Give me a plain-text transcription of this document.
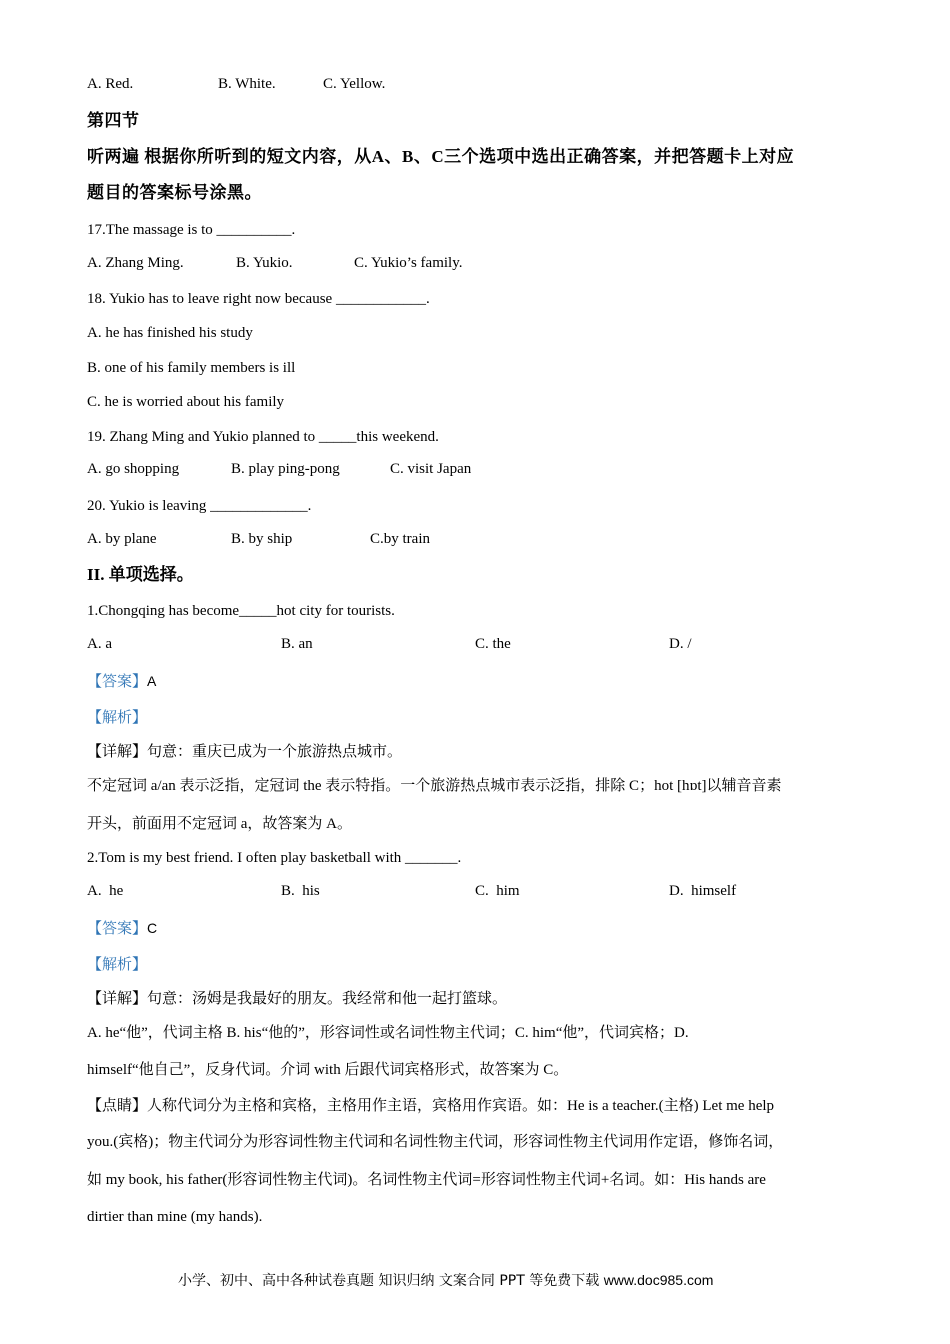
A. Red.	B. White.	C. Yellow.
第四节
听两遍 根据你所听到的短文内容，从A、B、C三个选项中选出正确答案，并把答题卡上对应
题目的答案标号涂黑。
17.The massage is to __________.
A. Zhang Ming.	B. Yukio.	C. Yukio’s family.
18. Yukio has to leave right now because ____________.
A. he has finished his study
B. one of his family members is ill
C. he is worried about his family
19. Zhang Ming and Yukio planned to _____this weekend.
A. go shopping	B. play ping-pong	C. visit Japan
20. Yukio is leaving _____________.
A. by plane	B. by ship	C.by train
II. 单项选择。
1.Chongqing has become_____hot city for tourists.
A. a	B. an	C. the	D. /
【答案】A
【解析】
【详解】句意：重庆已成为一个旅游热点城市。
不定冠词 a/an 表示泛指，定冠词 the 表示特指。一个旅游热点城市表示泛指，排除 C；hot [hɒt]以辅音音素
开头，前面用不定冠词 a，故答案为 A。
2.Tom is my best friend. I often play basketball with _______.
A. he	B. his	C. him	D. himself
【答案】C
【解析】
【详解】句意：汤姆是我最好的朋友。我经常和他一起打篮球。
A. he“他”，代词主格 B. his“他的”，形容词性或名词性物主代词；C. him“他”，代词宾格；D.
himself“他自己”，反身代词。介词 with 后跟代词宾格形式，故答案为 C。
【点睛】人称代词分为主格和宾格，主格用作主语，宾格用作宾语。如：He is a teacher.(主格) Let me help
you.(宾格)；物主代词分为形容词性物主代词和名词性物主代词，形容词性物主代词用作定语，修饰名词，
如 my book, his father(形容词性物主代词)。名词性物主代词=形容词性物主代词+名词。如：His hands are
dirtier than mine (my hands).
小学、初中、高中各种试卷真题 知识归纳 文案合同 PPT 等免费下载 www.doc985.com
